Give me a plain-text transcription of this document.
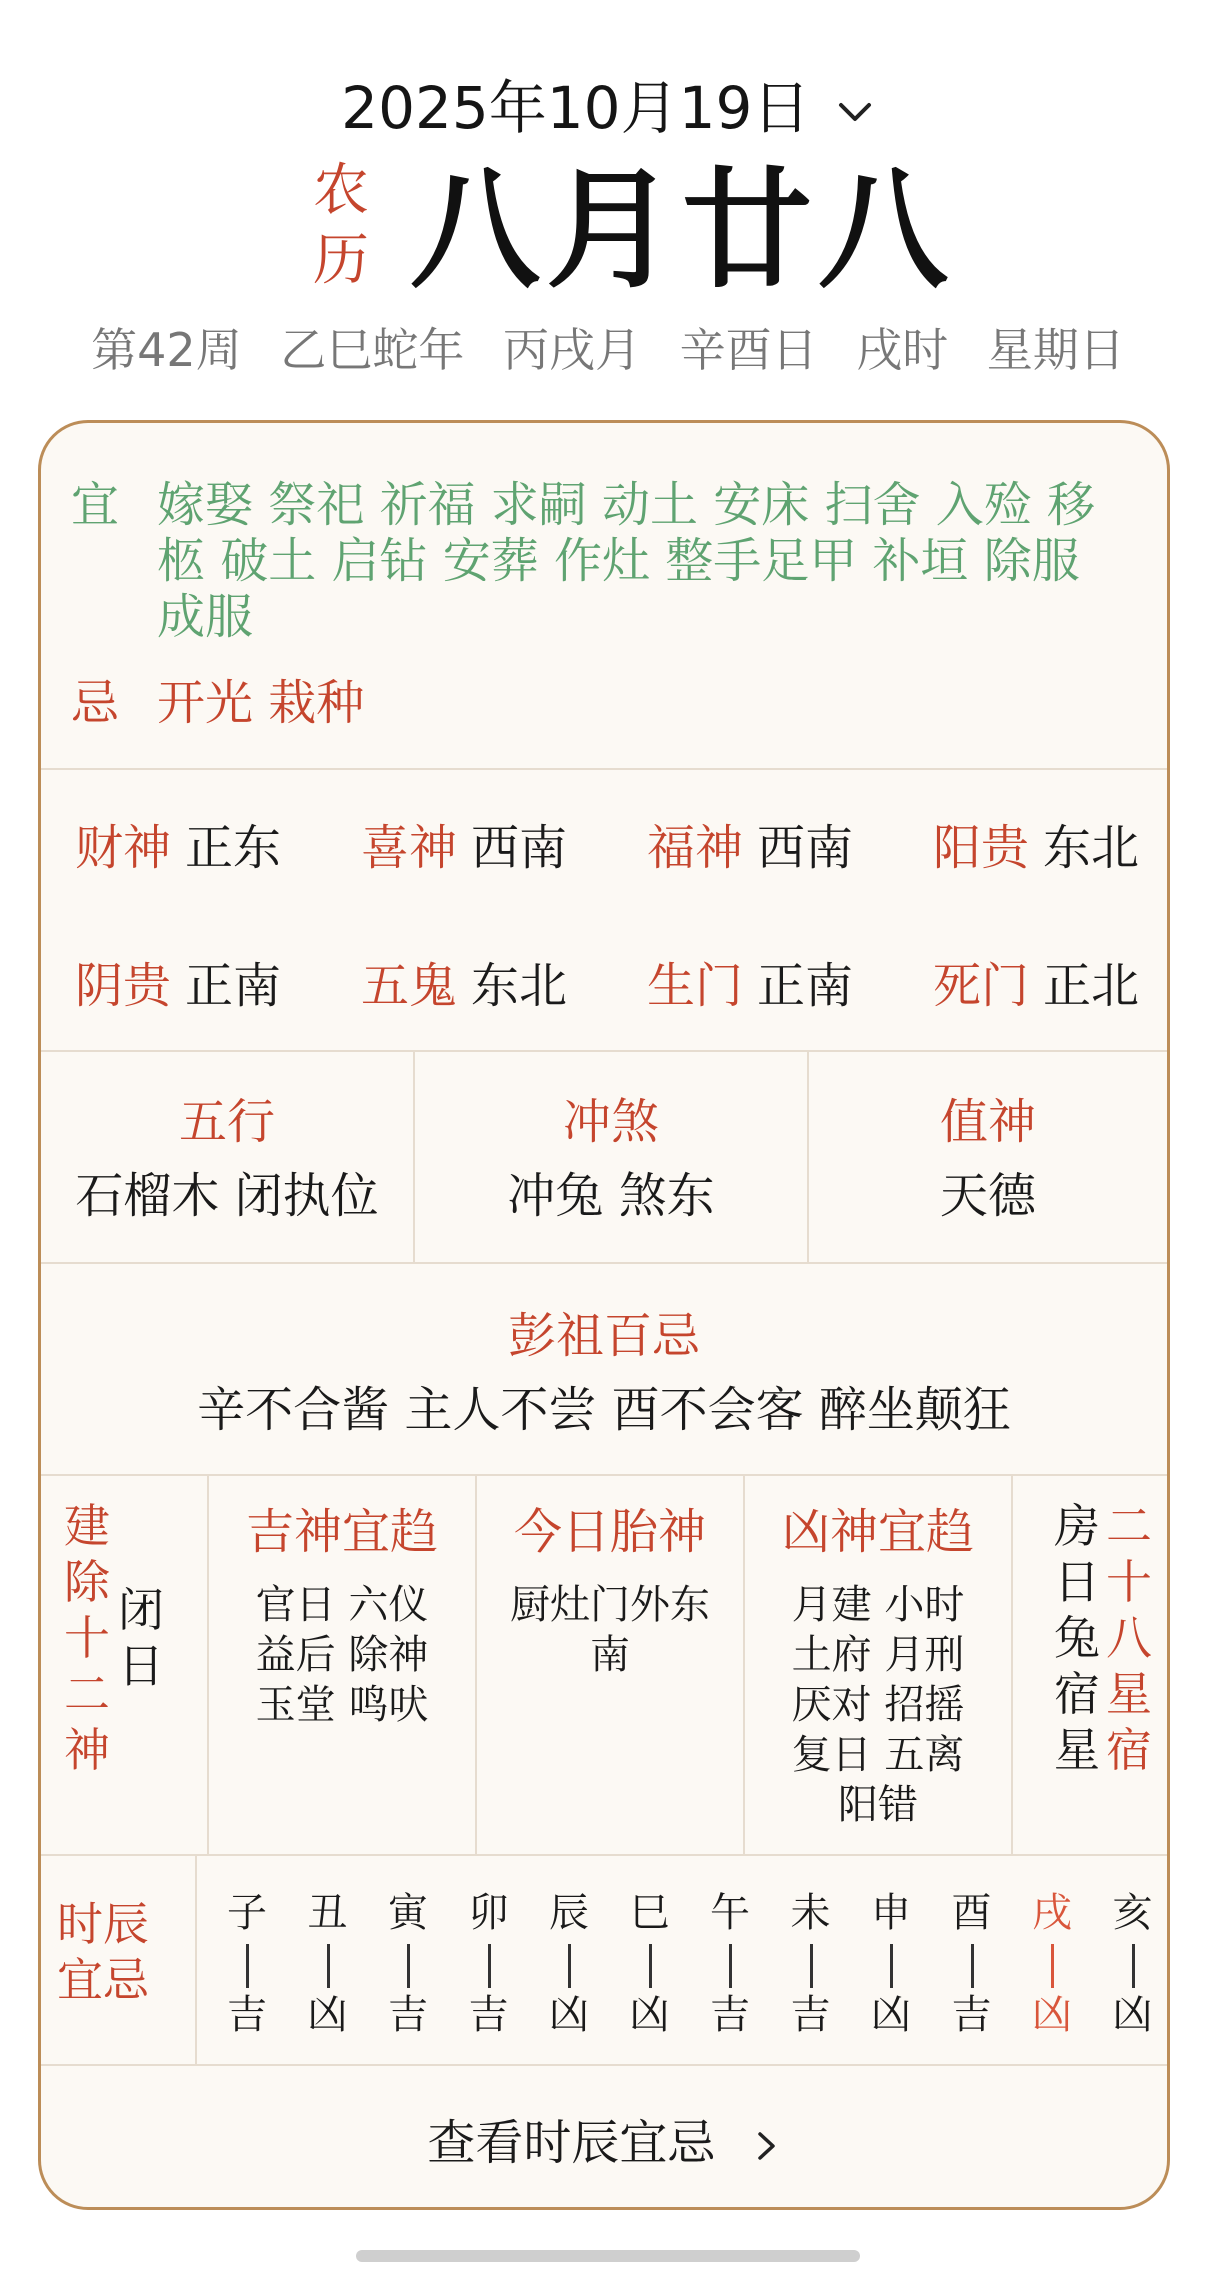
2025年10月19日
农
历 八月廿八
第42周 乙巳蛇年 丙戌月 辛酉日 戌时 星期日
宜 嫁娶 祭祀 祈福 求嗣 动土 安床 扫舍 入殓 移
柩 破土 启钻 安葬 作灶 整手足甲 补垣 除服
成服
忌 开光 栽种
财神 正东 喜神 西南 福神 西南 阳贵 东北
阴贵 正南 五鬼 东北 生门 正南 死门 正北
五行
石榴木 闭执位
冲煞
冲兔 煞东
值神
天德
彭祖百忌
辛不合酱 主人不尝 酉不会客 醉坐颠狂
建
除
十
二
神
闭
日
吉神宜趋
官日 六仪
益后 除神
玉堂 鸣吠
今日胎神
厨灶门外东
南
凶神宜趋
月建 小时
土府 月刑
厌对 招摇
复日 五离
阳错
房
日
兔
宿
星
二
十
八
星
宿
时辰
宜忌
子
吉
丑
凶
寅
吉
卯
吉
辰
凶
巳
凶
午
吉
未
吉
申
凶
酉
吉
戌
凶
亥
凶
查看时辰宜忌
